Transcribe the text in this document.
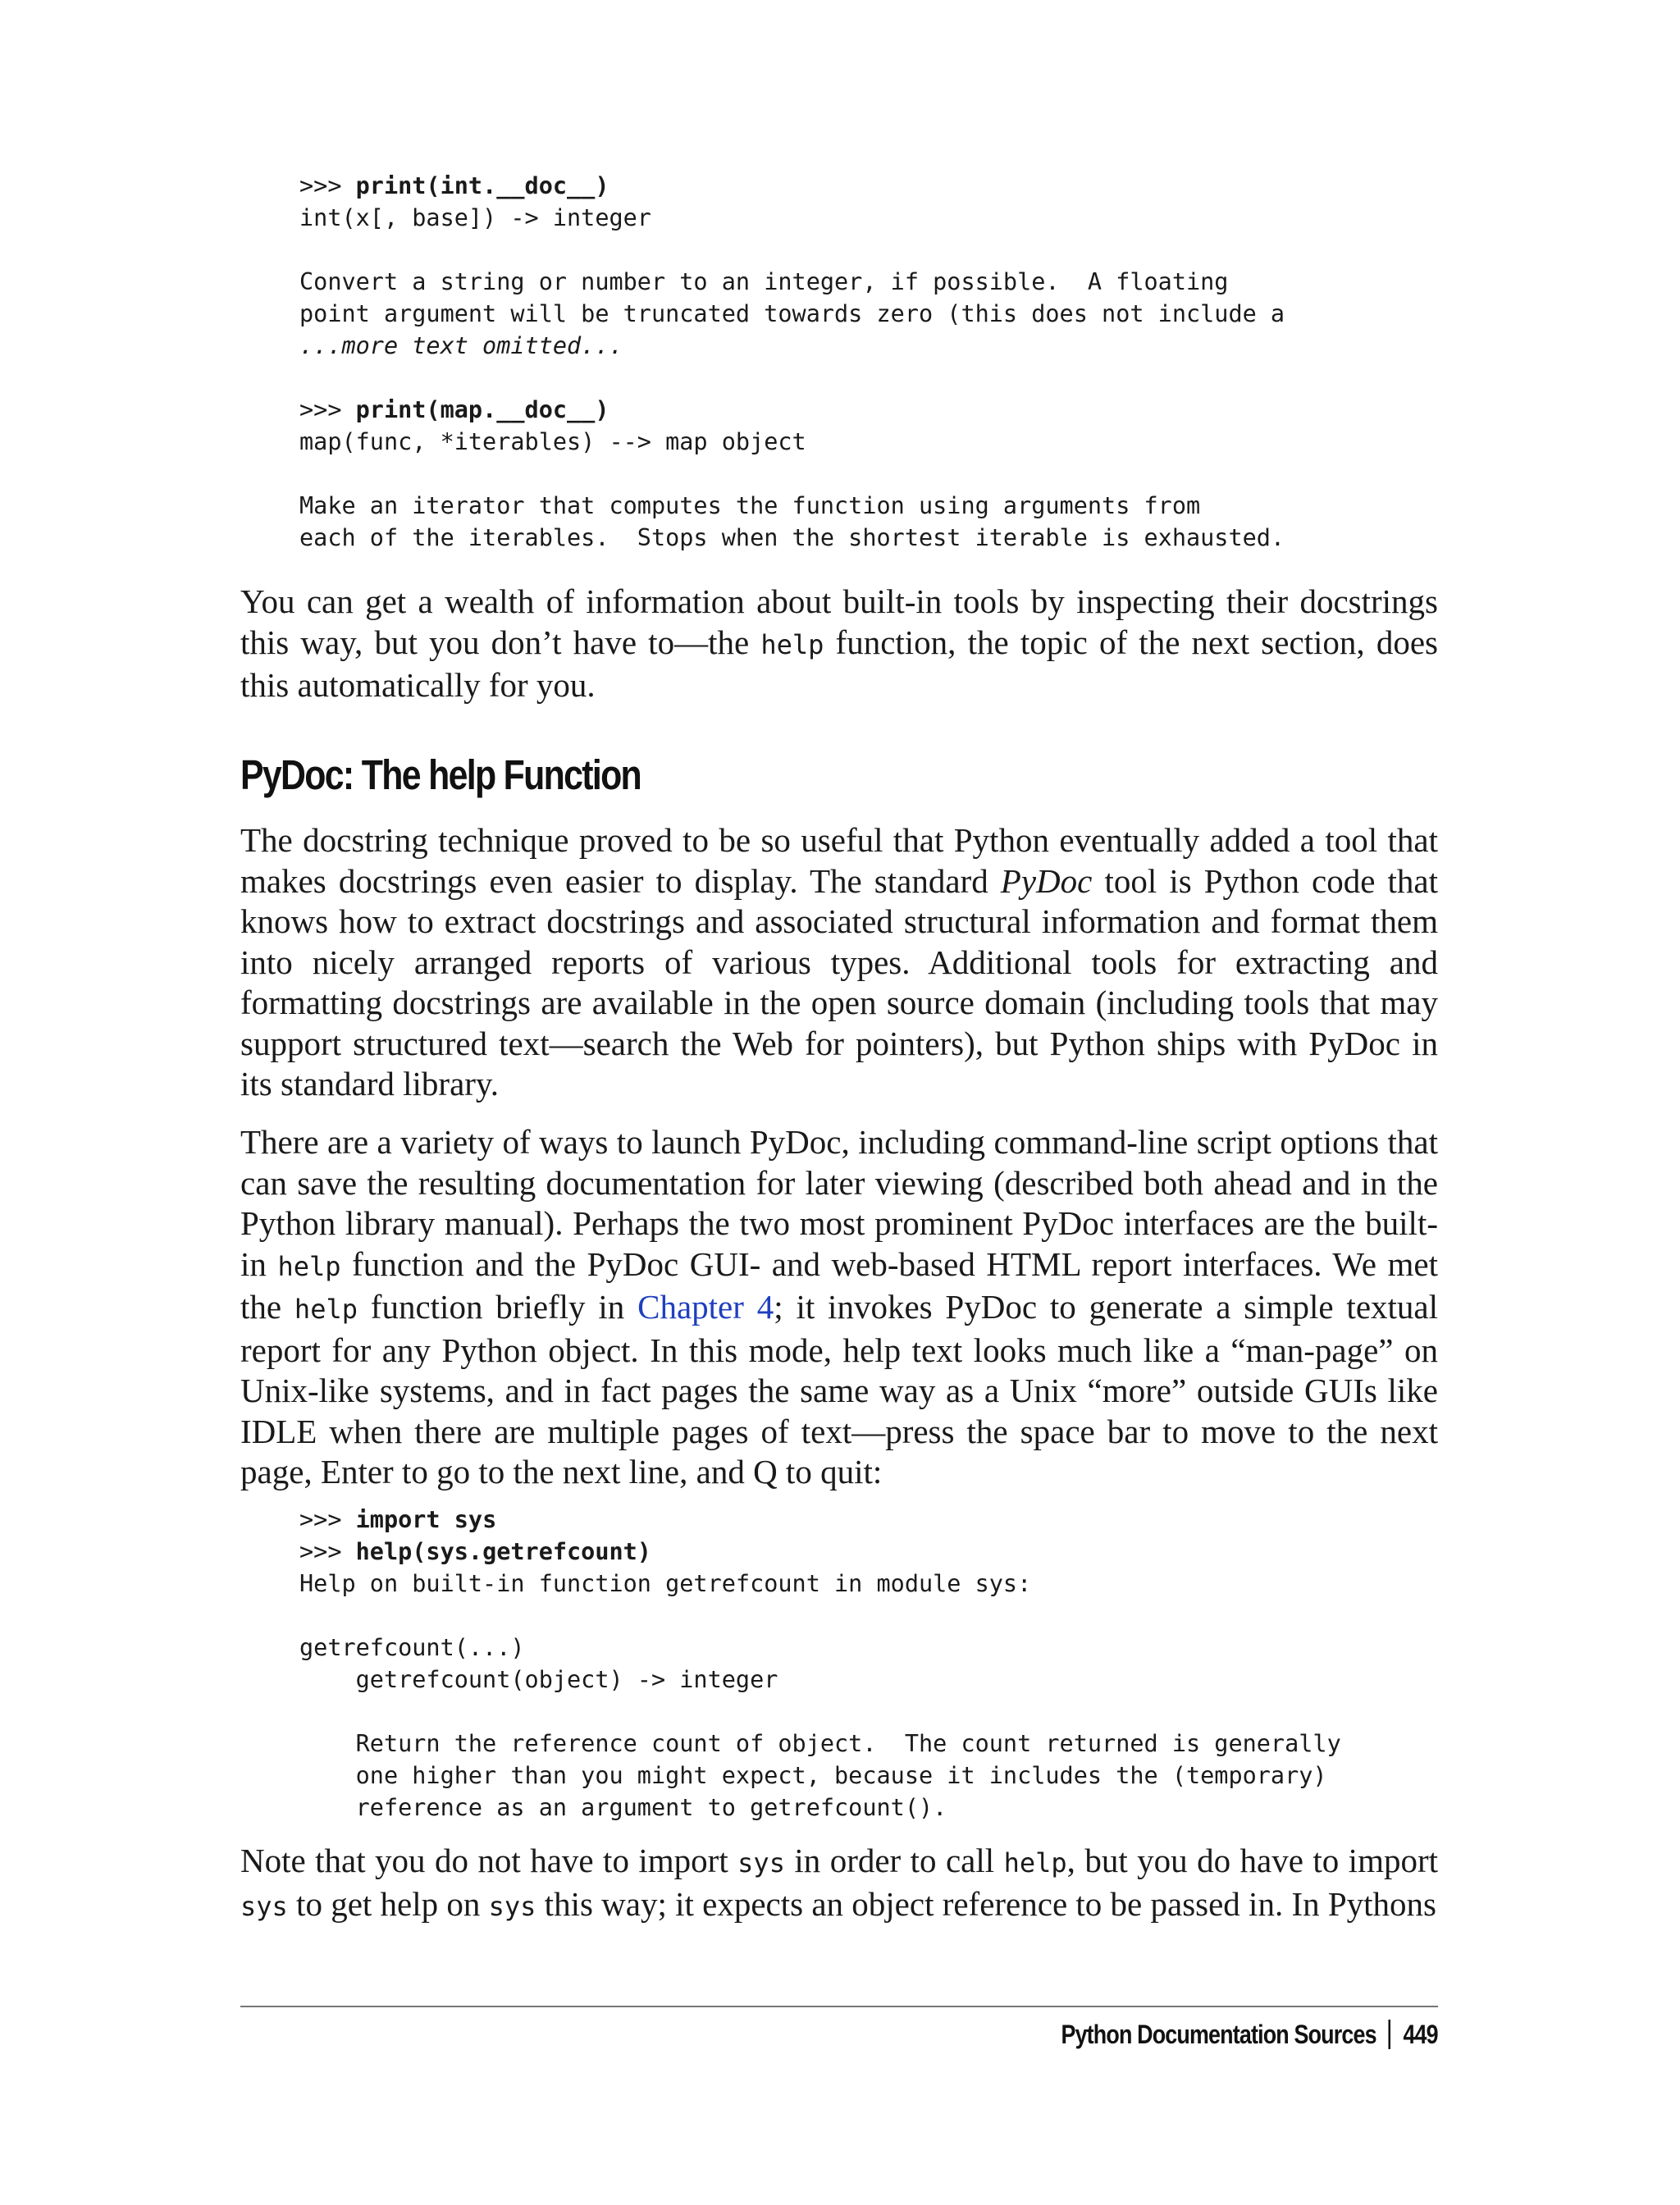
>>> print(int.__doc__)
int(x[, base]) -> integer

Convert a string or number to an integer, if possible.  A floating
point argument will be truncated towards zero (this does not include a
...more text omitted...

>>> print(map.__doc__)
map(func, *iterables) --> map object

Make an iterator that computes the function using arguments from
each of the iterables.  Stops when the shortest iterable is exhausted.

You can get a wealth of information about built-in tools by inspecting their docstrings this way, but you don’t have to—the help function, the topic of the next section, does this automatically for you.

PyDoc: The help Function

The docstring technique proved to be so useful that Python eventually added a tool that makes docstrings even easier to display. The standard PyDoc tool is Python code that knows how to extract docstrings and associated structural information and format them into nicely arranged reports of various types. Additional tools for extracting and formatting docstrings are available in the open source domain (including tools that may support structured text—search the Web for pointers), but Python ships with PyDoc in its standard library.

There are a variety of ways to launch PyDoc, including command-line script options that can save the resulting documentation for later viewing (described both ahead and in the Python library manual). Perhaps the two most prominent PyDoc interfaces are the built-in help function and the PyDoc GUI- and web-based HTML report interfaces. We met the help function briefly in Chapter 4; it invokes PyDoc to generate a simple textual report for any Python object. In this mode, help text looks much like a “man-page” on Unix-like systems, and in fact pages the same way as a Unix “more” outside GUIs like IDLE when there are multiple pages of text—press the space bar to move to the next page, Enter to go to the next line, and Q to quit:

>>> import sys
>>> help(sys.getrefcount)
Help on built-in function getrefcount in module sys:

getrefcount(...)
getrefcount(object) -> integer

Return the reference count of object.  The count returned is generally
one higher than you might expect, because it includes the (temporary)
reference as an argument to getrefcount().

Note that you do not have to import sys in order to call help, but you do have to import sys to get help on sys this way; it expects an object reference to be passed in. In Pythons

Python Documentation Sources 449
